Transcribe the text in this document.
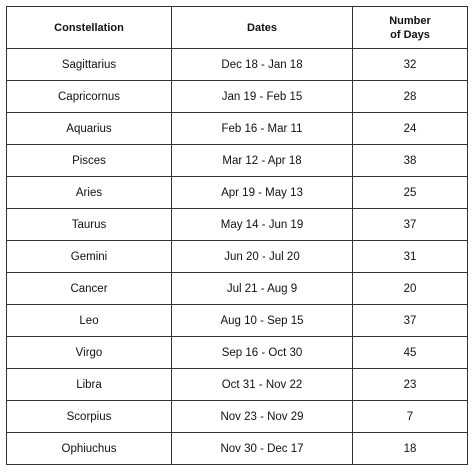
Constellation	Dates	Number
of Days
Sagittarius	Dec 18 - Jan 18	32
Capricornus	Jan 19 - Feb 15	28
Aquarius	Feb 16 - Mar 11	24
Pisces	Mar 12 - Apr 18	38
Aries	Apr 19 - May 13	25
Taurus	May 14 - Jun 19	37
Gemini	Jun 20 - Jul 20	31
Cancer	Jul 21 - Aug 9	20
Leo	Aug 10 - Sep 15	37
Virgo	Sep 16 - Oct 30	45
Libra	Oct 31 - Nov 22	23
Scorpius	Nov 23 - Nov 29	7
Ophiuchus	Nov 30 - Dec 17	18
